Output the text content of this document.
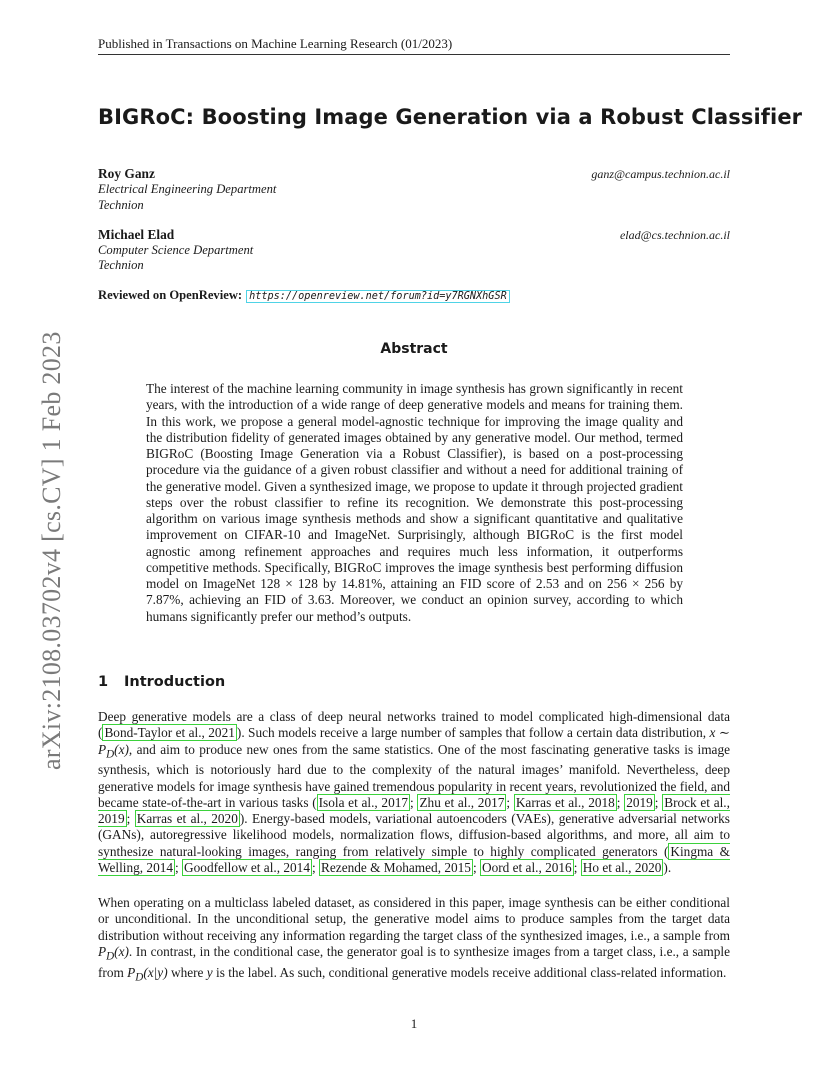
Published in Transactions on Machine Learning Research (01/2023)
BIGRoC: Boosting Image Generation via a Robust Classifier
Roy Ganz	ganz@campus.technion.ac.il
Electrical Engineering Department
Technion
Michael Elad	elad@cs.technion.ac.il
Computer Science Department
Technion
Reviewed on OpenReview: https://openreview.net/forum?id=y7RGNXhGSR
Abstract
The interest of the machine learning community in image synthesis has grown significantly in recent years, with the introduction of a wide range of deep generative models and means for training them. In this work, we propose a general model-agnostic technique for improving the image quality and the distribution fidelity of generated images obtained by any generative model. Our method, termed BIGRoC (Boosting Image Generation via a Robust Classifier), is based on a post-processing procedure via the guidance of a given robust classifier and without a need for additional training of the generative model. Given a synthesized image, we propose to update it through projected gradient steps over the robust classifier to refine its recognition. We demonstrate this post-processing algorithm on various image synthesis methods and show a significant quantitative and qualitative improvement on CIFAR-10 and ImageNet. Surprisingly, although BIGRoC is the first model agnostic among refinement approaches and requires much less information, it outperforms competitive methods. Specifically, BIGRoC improves the image synthesis best performing diffusion model on ImageNet 128 × 128 by 14.81%, attaining an FID score of 2.53 and on 256 × 256 by 7.87%, achieving an FID of 3.63. Moreover, we conduct an opinion survey, according to which humans significantly prefer our method’s outputs.
1 Introduction
Deep generative models are a class of deep neural networks trained to model complicated high-dimensional data ( Bond-Taylor et al., 2021 ). Such models receive a large number of samples that follow a certain data distribution, x ∼ $P_D(x)$, and aim to produce new ones from the same statistics. One of the most fascinating generative tasks is image synthesis, which is notoriously hard due to the complexity of the natural images’ manifold. Nevertheless, deep generative models for image synthesis have gained tremendous popularity in recent years, revolutionized the field, and became state-of-the-art in various tasks ( Isola et al., 2017 ; Zhu et al., 2017 ; Karras et al., 2018 ; 2019 ; Brock et al., 2019 ; Karras et al., 2020 ). Energy-based models, variational autoencoders (VAEs), generative adversarial networks (GANs), autoregressive likelihood models, normalization flows, diffusion-based algorithms, and more, all aim to synthesize natural-looking images, ranging from relatively simple to highly complicated generators ( Kingma & Welling, 2014 ; Goodfellow et al., 2014 ; Rezende & Mohamed, 2015 ; Oord et al., 2016 ; Ho et al., 2020 ).
When operating on a multiclass labeled dataset, as considered in this paper, image synthesis can be either conditional or unconditional. In the unconditional setup, the generative model aims to produce samples from the target data distribution without receiving any information regarding the target class of the synthesized images, i.e., a sample from $P_D(x)$. In contrast, in the conditional case, the generator goal is to synthesize images from a target class, i.e., a sample from $P_D(x|y)$ where y is the label. As such, conditional generative models receive additional class-related information.
1
arXiv:2108.03702v4 [cs.CV] 1 Feb 2023
